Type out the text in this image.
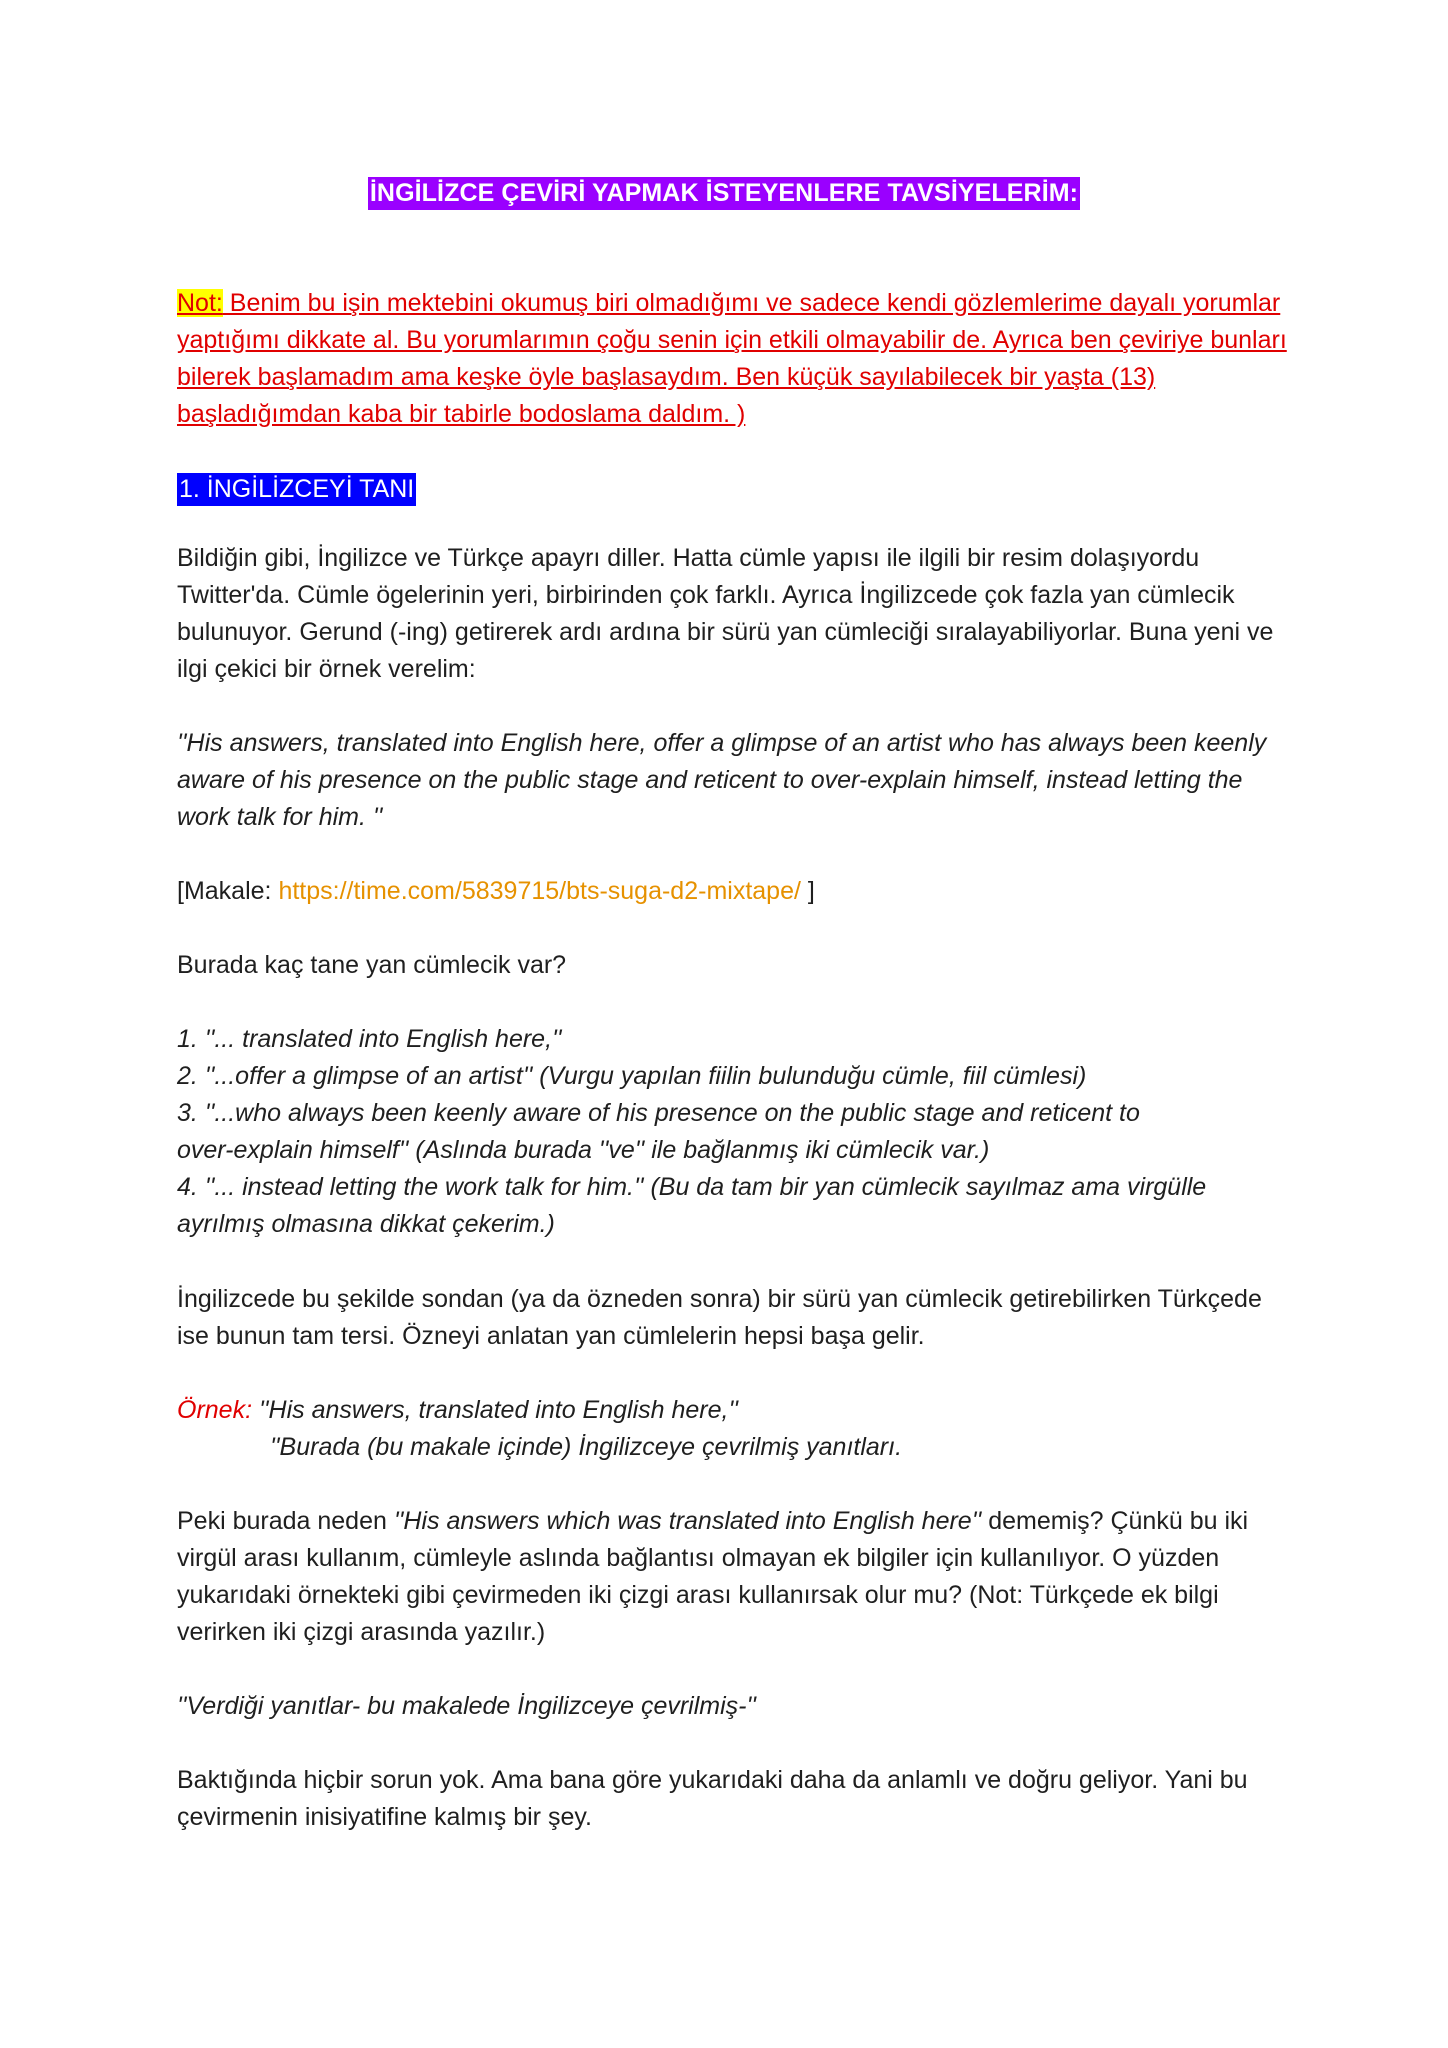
İNGİLİZCE ÇEVİRİ YAPMAK İSTEYENLERE TAVSİYELERİM:
Not: Benim bu işin mektebini okumuş biri olmadığımı ve sadece kendi gözlemlerime dayalı yorumlar yaptığımı dikkate al. Bu yorumlarımın çoğu senin için etkili olmayabilir de. Ayrıca ben çeviriye bunları bilerek başlamadım ama keşke öyle başlasaydım. Ben küçük sayılabilecek bir yaşta (13) başladığımdan kaba bir tabirle bodoslama daldım. )
1. İNGİLİZCEYİ TANI

Bildiğin gibi, İngilizce ve Türkçe apayrı diller. Hatta cümle yapısı ile ilgili bir resim dolaşıyordu Twitter'da. Cümle ögelerinin yeri, birbirinden çok farklı. Ayrıca İngilizcede çok fazla yan cümlecik bulunuyor. Gerund (-ing) getirerek ardı ardına bir sürü yan cümleciği sıralayabiliyorlar. Buna yeni ve ilgi çekici bir örnek verelim:

''His answers, translated into English here, offer a glimpse of an artist who has always been keenly aware of his presence on the public stage and reticent to over-explain himself, instead letting the work talk for him. ''

[Makale: https://time.com/5839715/bts-suga-d2-mixtape/ ]

Burada kaç tane yan cümlecik var?

1. ''... translated into English here,''
2. ''...offer a glimpse of an artist'' (Vurgu yapılan fiilin bulunduğu cümle, fiil cümlesi)
3. ''...who always been keenly aware of his presence on the public stage and reticent to
over-explain himself'' (Aslında burada ''ve'' ile bağlanmış iki cümlecik var.)
4. ''... instead letting the work talk for him.'' (Bu da tam bir yan cümlecik sayılmaz ama virgülle
ayrılmış olmasına dikkat çekerim.)

İngilizcede bu şekilde sondan (ya da özneden sonra) bir sürü yan cümlecik getirebilirken Türkçede ise bunun tam tersi. Özneyi anlatan yan cümlelerin hepsi başa gelir.

Örnek: ''His answers, translated into English here,''
''Burada (bu makale içinde) İngilizceye çevrilmiş yanıtları.

Peki burada neden ''His answers which was translated into English here'' dememiş? Çünkü bu iki virgül arası kullanım, cümleyle aslında bağlantısı olmayan ek bilgiler için kullanılıyor. O yüzden yukarıdaki örnekteki gibi çevirmeden iki çizgi arası kullanırsak olur mu? (Not: Türkçede ek bilgi verirken iki çizgi arasında yazılır.)

''Verdiği yanıtlar- bu makalede İngilizceye çevrilmiş-''

Baktığında hiçbir sorun yok. Ama bana göre yukarıdaki daha da anlamlı ve doğru geliyor. Yani bu çevirmenin inisiyatifine kalmış bir şey.
